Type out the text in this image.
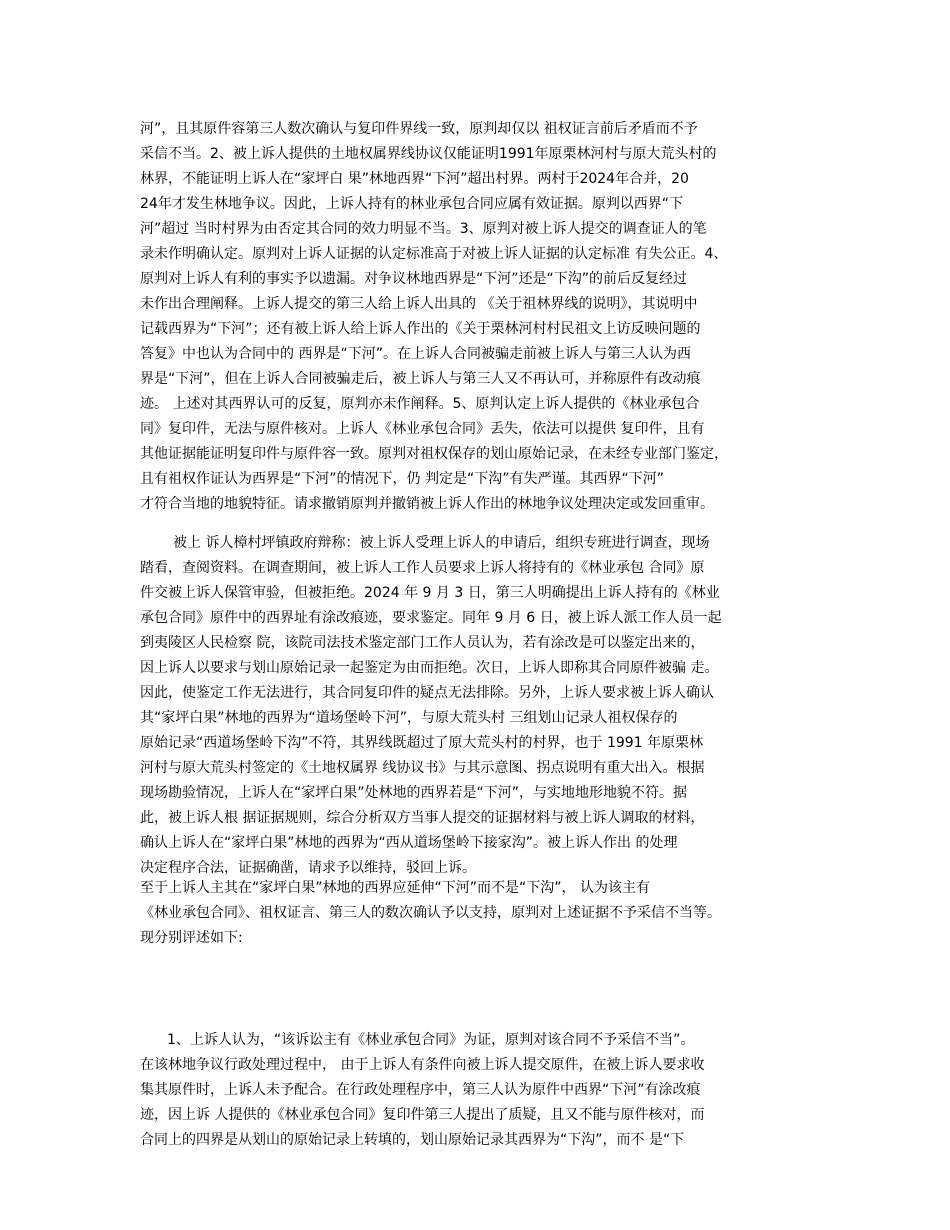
河”，且其原件容第三人数次确认与复印件界线一致，原判却仅以 祖权证言前后矛盾而不予
采信不当。2、被上诉人提供的土地权属界线协议仅能证明1991年原栗林河村与原大荒头村的
林界，不能证明上诉人在“家坪白 果”林地西界“下河”超出村界。两村于2024年合并，20
24年才发生林地争议。因此，上诉人持有的林业承包合同应属有效证据。原判以西界“下
河”超过 当时村界为由否定其合同的效力明显不当。3、原判对被上诉人提交的调查证人的笔
录未作明确认定。原判对上诉人证据的认定标准高于对被上诉人证据的认定标准 有失公正。4、
原判对上诉人有利的事实予以遗漏。对争议林地西界是“下河”还是“下沟”的前后反复经过
未作出合理阐释。上诉人提交的第三人给上诉人出具的 《关于祖林界线的说明》，其说明中
记载西界为“下河”；还有被上诉人给上诉人作出的《关于栗林河村村民祖文上访反映问题的
答复》中也认为合同中的 西界是“下河”。在上诉人合同被骗走前被上诉人与第三人认为西
界是“下河”，但在上诉人合同被骗走后，被上诉人与第三人又不再认可，并称原件有改动痕
迹。 上述对其西界认可的反复，原判亦未作阐释。5、原判认定上诉人提供的《林业承包合
同》复印件，无法与原件核对。上诉人《林业承包合同》丢失，依法可以提供 复印件，且有
其他证据能证明复印件与原件容一致。原判对祖权保存的划山原始记录，在未经专业部门鉴定，
且有祖权作证认为西界是“下河”的情况下，仍 判定是“下沟”有失严谨。其西界“下河”
才符合当地的地貌特征。请求撤销原判并撤销被上诉人作出的林地争议处理决定或发回重审。
被上 诉人樟村坪镇政府辩称：被上诉人受理上诉人的申请后，组织专班进行调查，现场
踏看，查阅资料。在调查期间，被上诉人工作人员要求上诉人将持有的《林业承包 合同》原
件交被上诉人保管审验，但被拒绝。2024 年 9 月 3 日，第三人明确提出上诉人持有的《林业
承包合同》原件中的西界址有涂改痕迹，要求鉴定。同年 9 月 6 日，被上诉人派工作人员一起
到夷陵区人民检察 院，该院司法技术鉴定部门工作人员认为，若有涂改是可以鉴定出来的，
因上诉人以要求与划山原始记录一起鉴定为由而拒绝。次日，上诉人即称其合同原件被骗 走。
因此，使鉴定工作无法进行，其合同复印件的疑点无法排除。另外，上诉人要求被上诉人确认
其“家坪白果”林地的西界为“道场堡岭下河”，与原大荒头村 三组划山记录人祖权保存的
原始记录“西道场堡岭下沟”不符，其界线既超过了原大荒头村的村界，也于 1991 年原栗林
河村与原大荒头村签定的《土地权属界 线协议书》与其示意图、拐点说明有重大出入。根据
现场勘验情况，上诉人在“家坪白果”处林地的西界若是“下河”，与实地地形地貌不符。据
此，被上诉人根 据证据规则，综合分析双方当事人提交的证据材料与被上诉人调取的材料，
确认上诉人在“家坪白果”林地的西界为“西从道场堡岭下接家沟”。被上诉人作出 的处理
决定程序合法，证据确凿，请求予以维持，驳回上诉。
至于上诉人主其在“家坪白果”林地的西界应延伸“下河”而不是“下沟”， 认为该主有
《林业承包合同》、祖权证言、第三人的数次确认予以支持，原判对上述证据不予采信不当等。
现分别评述如下:
1、上诉人认为，“该诉讼主有《林业承包合同》为证，原判对该合同不予采信不当”。
在该林地争议行政处理过程中， 由于上诉人有条件向被上诉人提交原件，在被上诉人要求收
集其原件时，上诉人未予配合。在行政处理程序中，第三人认为原件中西界“下河”有涂改痕
迹，因上诉 人提供的《林业承包合同》复印件第三人提出了质疑，且又不能与原件核对，而
合同上的四界是从划山的原始记录上转填的，划山原始记录其西界为“下沟”，而不 是“下
